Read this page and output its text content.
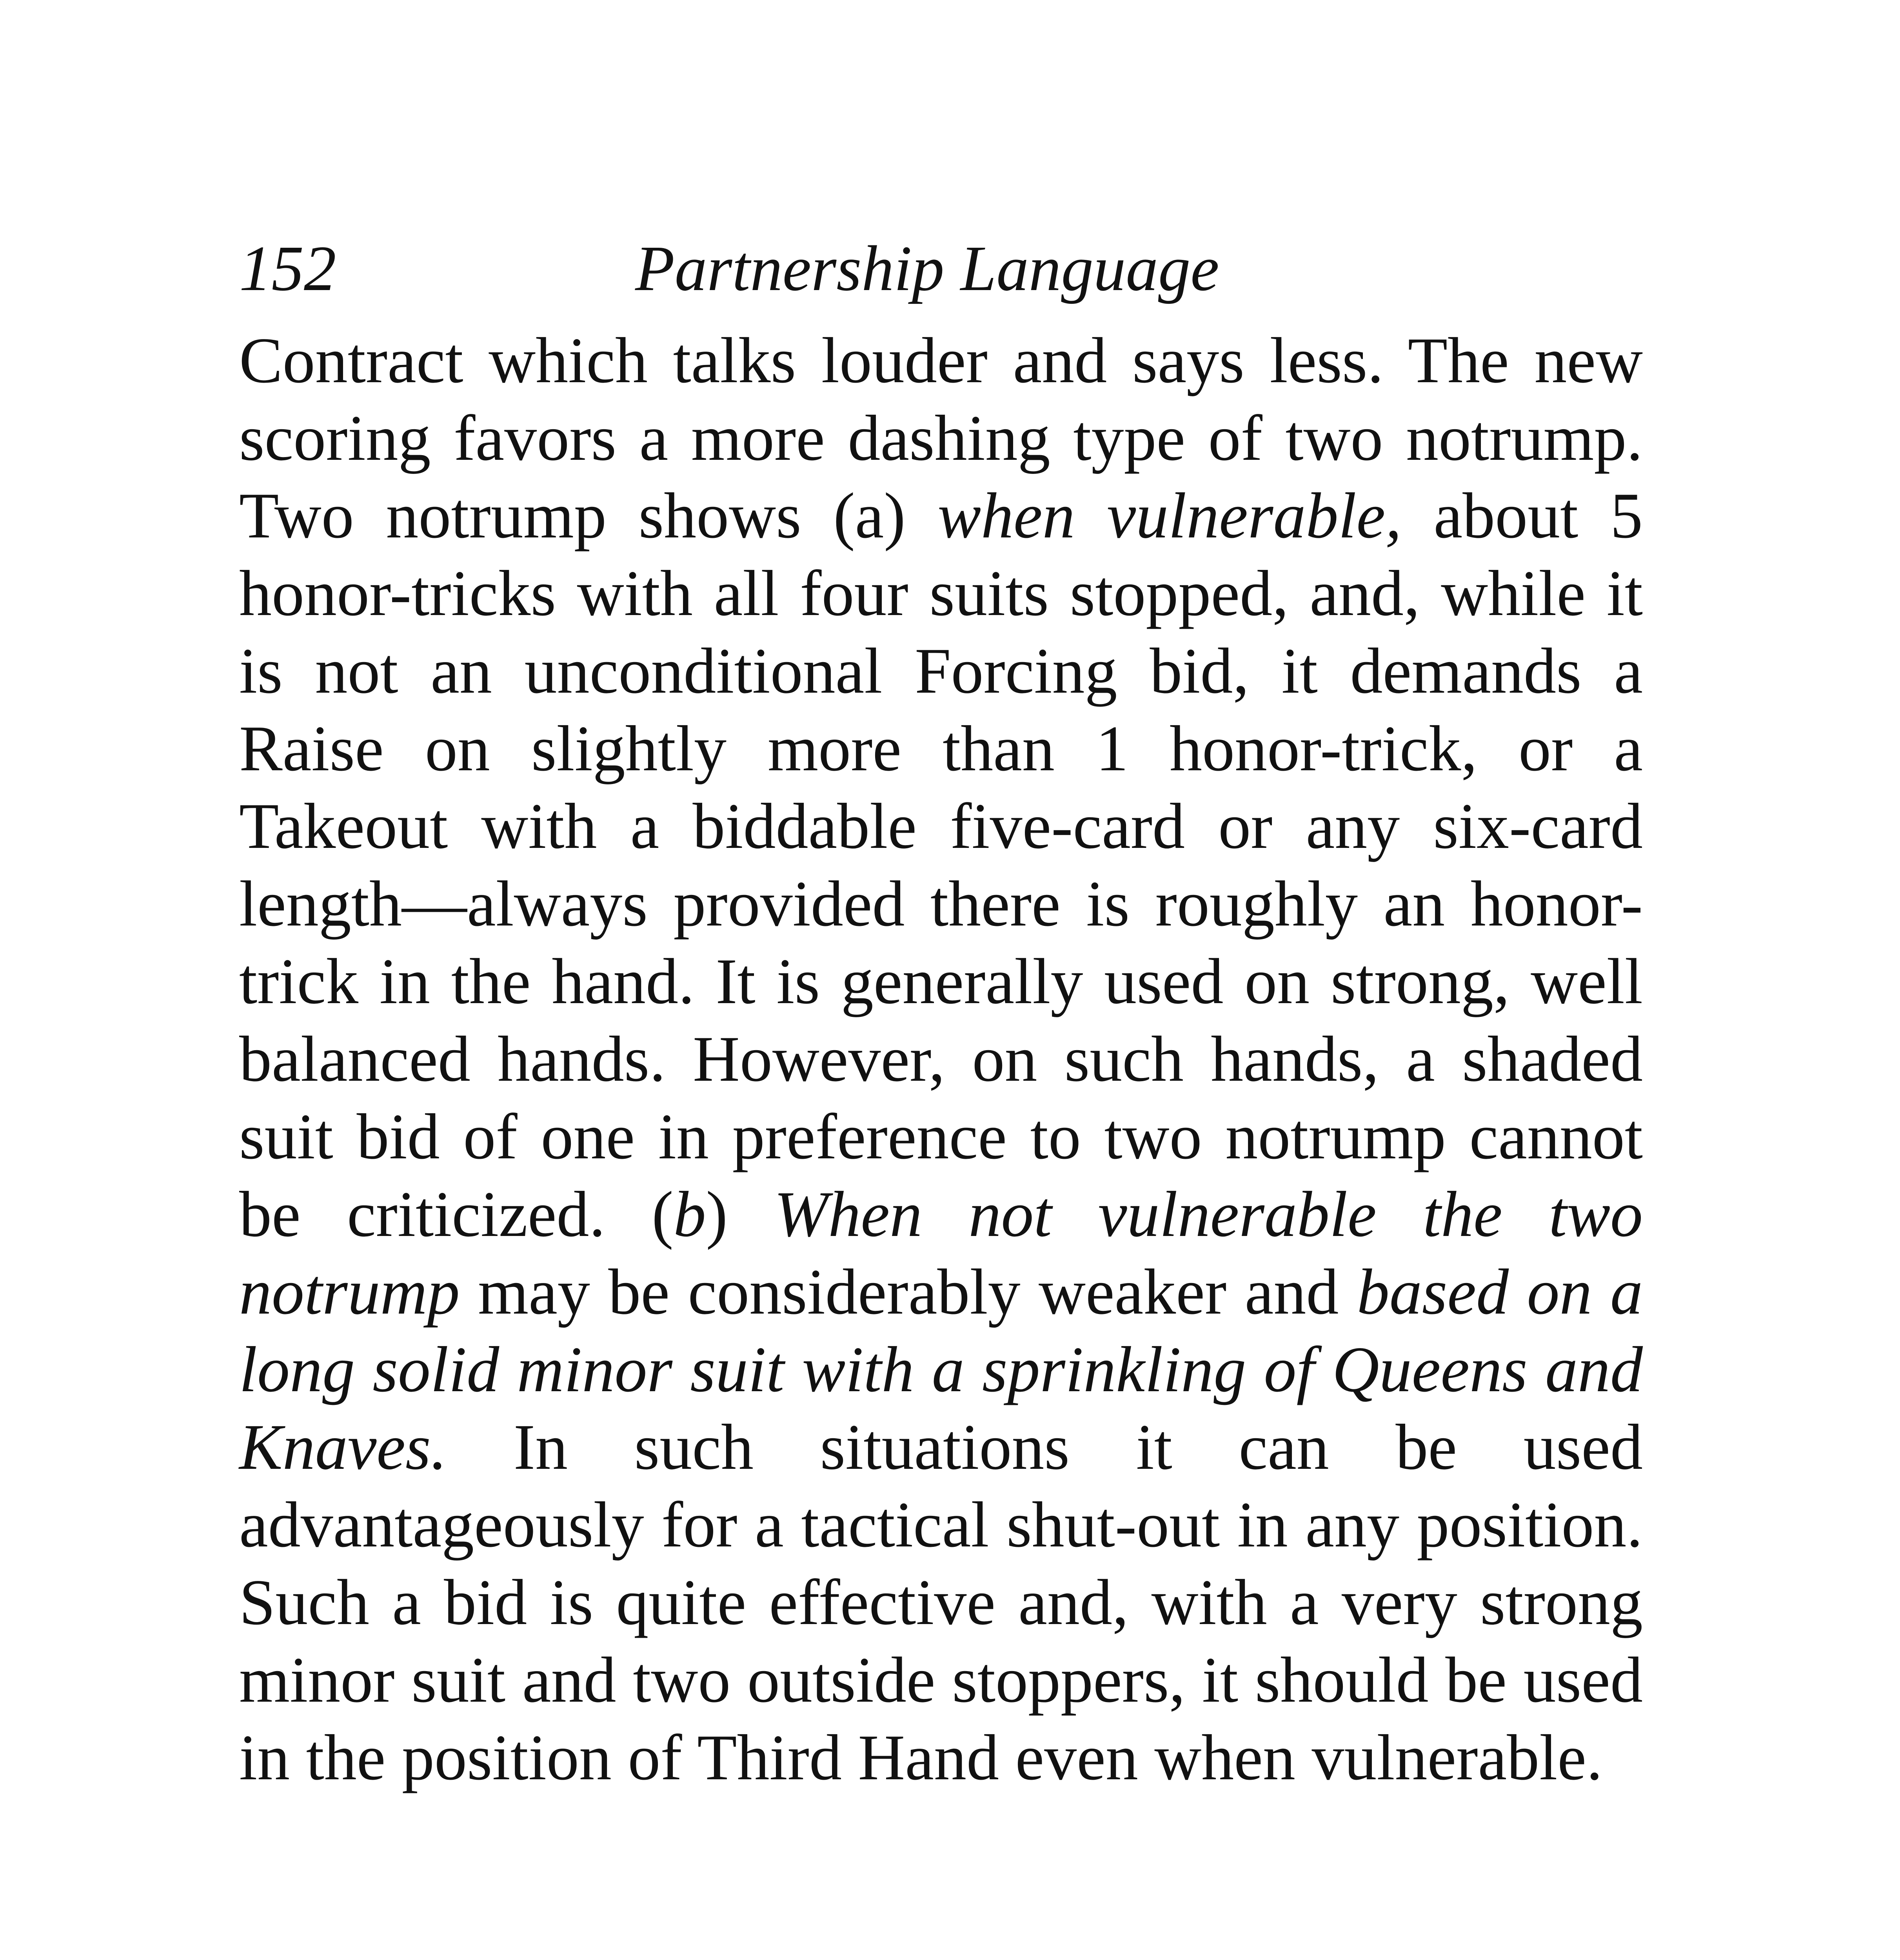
152	Partnership Language

Contract which talks louder and says less. The new scoring favors a more dashing type of two notrump. Two notrump shows (a) when vulnerable, about 5 honor-tricks with all four suits stopped, and, while it is not an unconditional Forcing bid, it demands a Raise on slightly more than 1 honor-trick, or a Takeout with a biddable five-card or any six-card length—always provided there is roughly an honor-trick in the hand. It is generally used on strong, well balanced hands. However, on such hands, a shaded suit bid of one in preference to two notrump cannot be criticized. (b) When not vulnerable the two notrump may be considerably weaker and based on a long solid minor suit with a sprinkling of Queens and Knaves. In such situations it can be used advantageously for a tactical shut-out in any position. Such a bid is quite effective and, with a very strong minor suit and two outside stoppers, it should be used in the position of Third Hand even when vulnerable.
